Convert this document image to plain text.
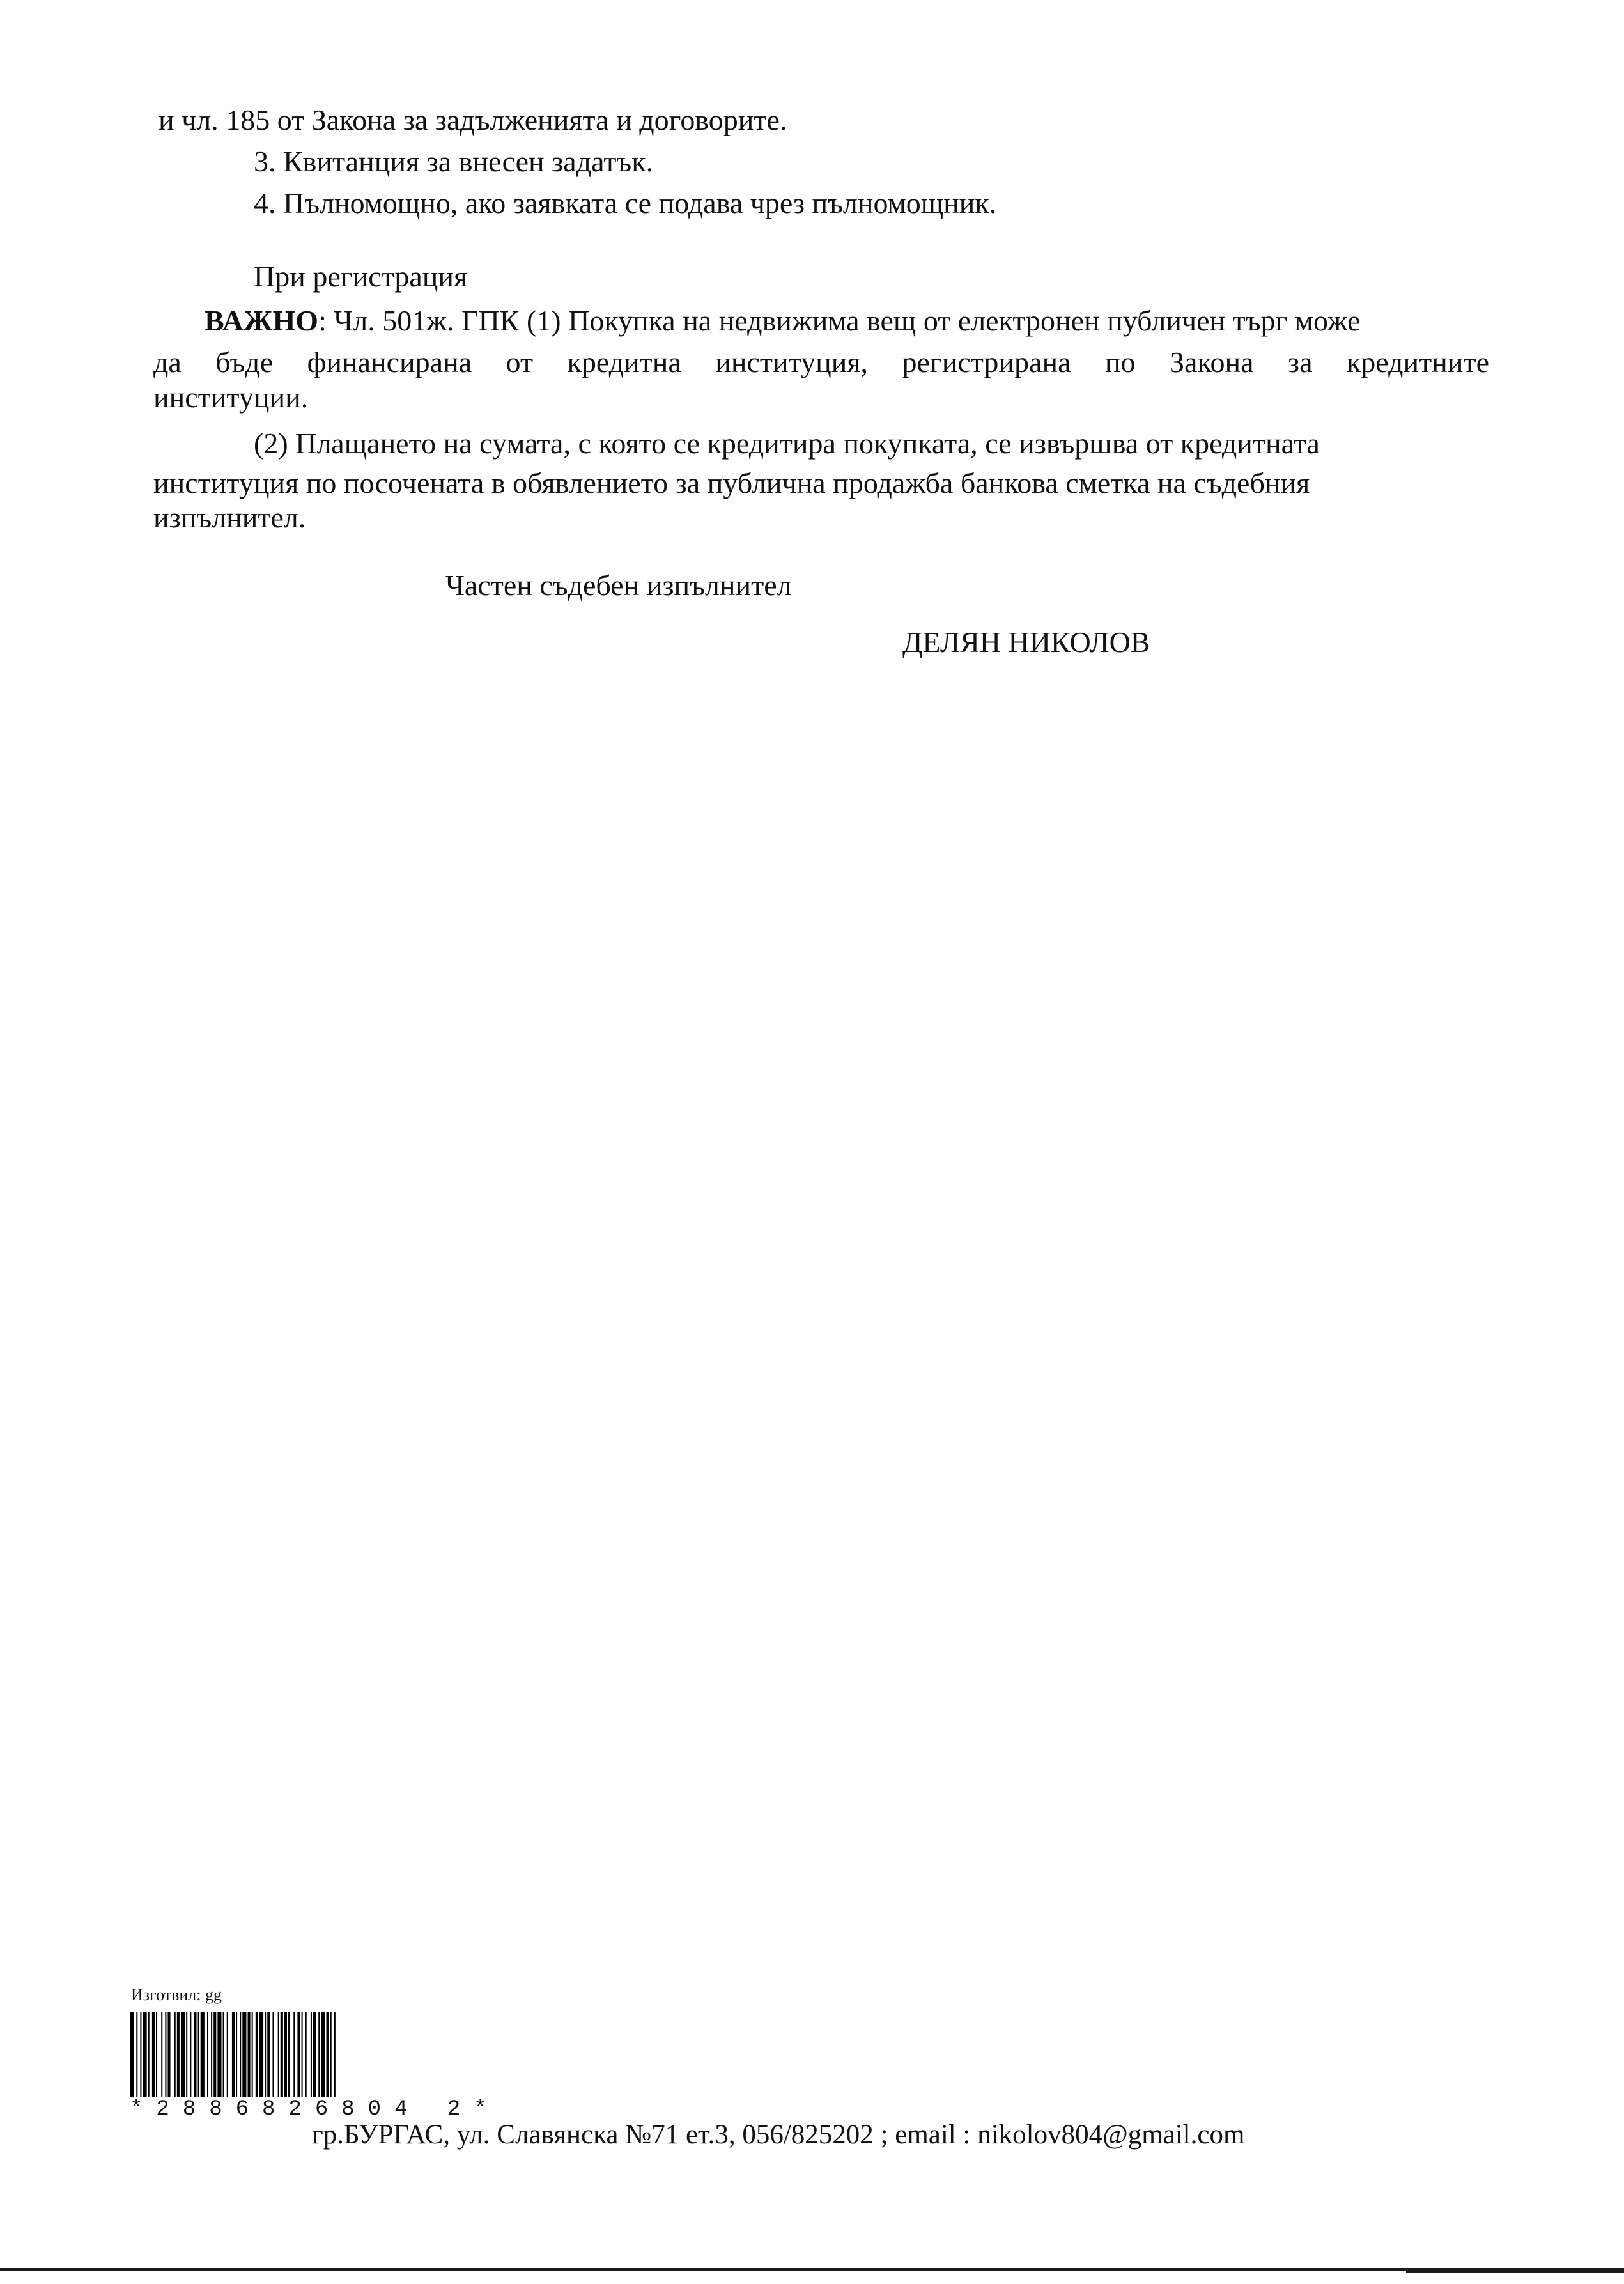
и чл. 185 от Закона за задълженията и договорите.
3. Квитанция за внесен задатък.
4. Пълномощно, ако заявката се подава чрез пълномощник.
При регистрация
ВАЖНО: Чл. 501ж. ГПК (1) Покупка на недвижима вещ от електронен публичен търг може
да бъде финансирана от кредитна институция, регистрирана по Закона за кредитните
институции.
(2) Плащането на сумата, с която се кредитира покупката, се извършва от кредитната
институция по посочената в обявлението за публична продажба банкова сметка на съдебния
изпълнител.
Частен съдебен изпълнител
ДЕЛЯН НИКОЛОВ
Изготвил: gg
*2886826804 2*
гр.БУРГАС, ул. Славянска №71 ет.3, 056/825202 ; email : nikolov804@gmail.com
